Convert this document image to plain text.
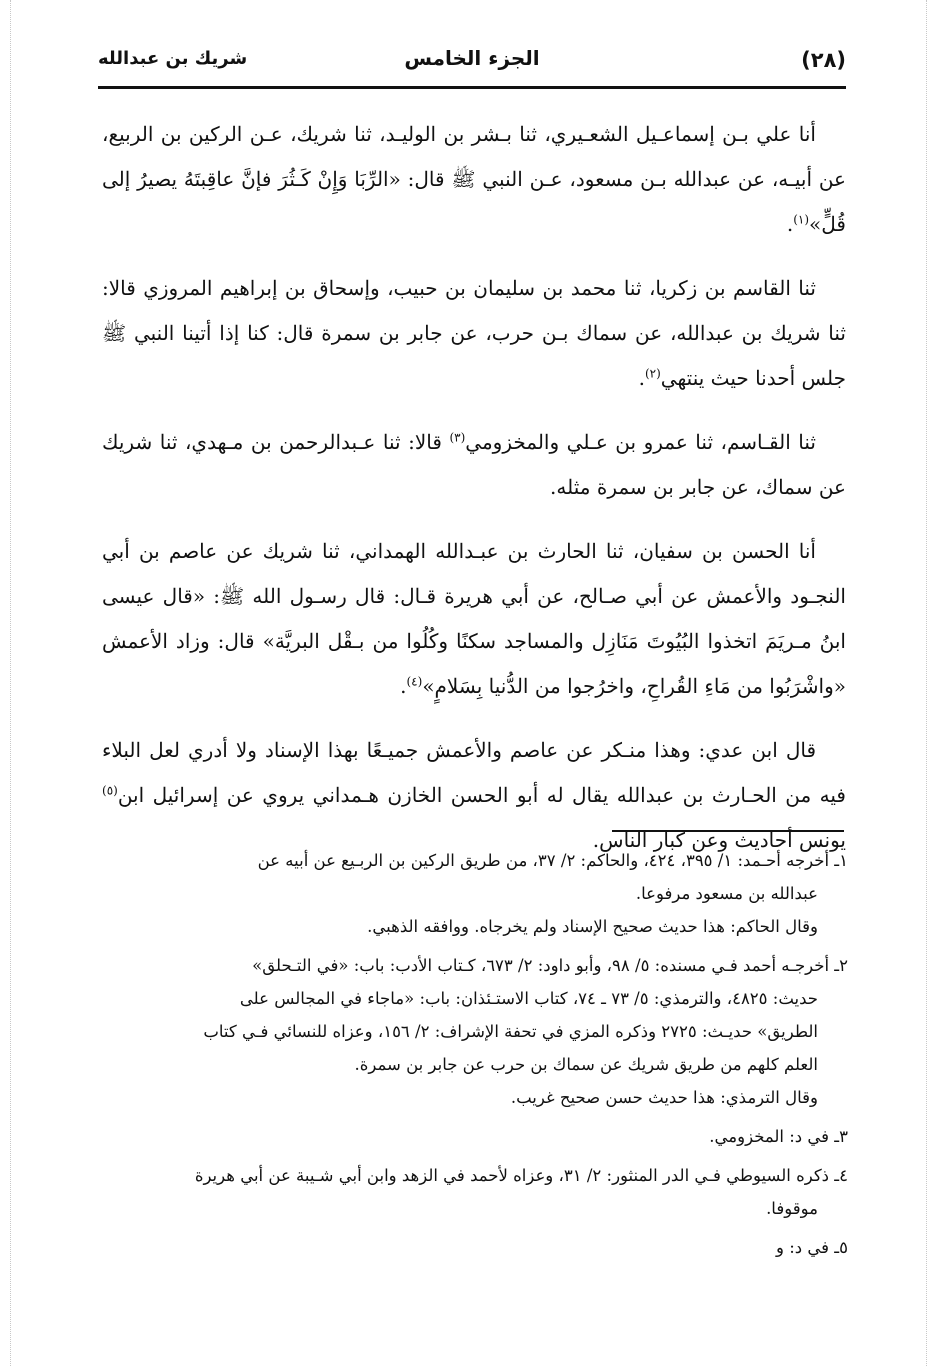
(٢٨)
الجزء الخامس
شريك بن عبدالله

أنا علي بـن إسماعـيل الشعـيري، ثنا بـشر بن الوليـد، ثنا شريك، عـن الركين بن الربيع، عن أبيـه، عن عبدالله بـن مسعود، عـن النبي ﷺ قال: «الرِّبَا وَإِنْ كَـثُرَ فإنَّ عاقِبتَهُ يصيرُ إلى قُلٍّ»$^{(١)}$.

ثنا القاسم بن زكريا، ثنا محمد بن سليمان بن حبيب، وإسحاق بن إبراهيم المروزي قالا: ثنا شريك بن عبدالله، عن سماك بـن حرب، عن جابر بن سمرة قال: كنا إذا أتينا النبي ﷺ جلس أحدنا حيث ينتهي$^{(٢)}$.

ثنا القـاسم، ثنا عمرو بن عـلي والمخزومي$^{(٣)}$ قالا: ثنا عـبدالرحمن بن مـهدي، ثنا شريك عن سماك، عن جابر بن سمرة مثله.

أنا الحسن بن سفيان، ثنا الحارث بن عبـدالله الهمداني، ثنا شريك عن عاصم بن أبي النجـود والأعمش عن أبي صـالح، عن أبي هريرة قـال: قال رسـول الله ﷺ: «قال عيسى ابنُ مـريَمَ اتخذوا البُيُوتَ مَنَازِل والمساجد سكنًا وكُلُوا من بـقْل البريَّة» قال: وزاد الأعمش «واشْرَبُوا من مَاءِ القُراحِ، واخرُجوا من الدُّنيا بِسَلامٍ»$^{(٤)}$.

قال ابن عدي: وهذا منـكر عن عاصم والأعمش جميـعًا بهذا الإسناد ولا أدري لعل البلاء فيه من الحـارث بن عبدالله يقال له أبو الحسن الخازن هـمداني يروي عن إسرائيل ابن$^{(٥)}$ يونس أحاديث وعن كبار الناس.

١ـ أخرجه أحـمد: ١/ ٣٩٥، ٤٢٤، والحاكم: ٢/ ٣٧، من طريق الركين بن الربـيع عن أبيه عن
عبدالله بن مسعود مرفوعا.
وقال الحاكم: هذا حديث صحيح الإسناد ولم يخرجاه. ووافقه الذهبي.
٢ـ أخرجـه أحمد فـي مسنده: ٥/ ٩٨، وأبو داود: ٢/ ٦٧٣، كـتاب الأدب: باب: «في التـحلق»
حديث: ٤٨٢٥، والترمذي: ٥/ ٧٣ ـ ٧٤، كتاب الاستـئذان: باب: «ماجاء في المجالس على
الطريق» حديـث: ٢٧٢٥ وذكره المزي في تحفة الإشراف: ٢/ ١٥٦، وعزاه للنسائي فـي كتاب
العلم كلهم من طريق شريك عن سماك بن حرب عن جابر بن سمرة.
وقال الترمذي: هذا حديث حسن صحيح غريب.
٣ـ في د: المخزومي.
٤ـ ذكره السيوطي فـي الدر المنثور: ٢/ ٣١، وعزاه لأحمد في الزهد وابن أبي شـيبة عن أبي هريرة
موقوفا.
٥ـ في د: و
